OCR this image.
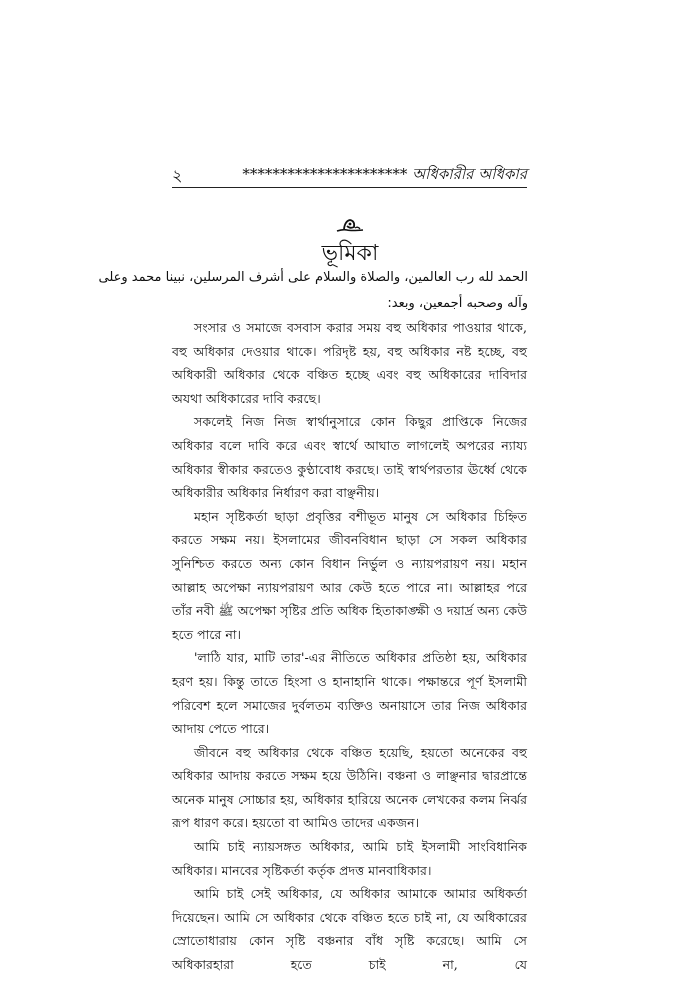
২	********************** অধিকারীর অধিকার
ভূমিকা
الحمد لله رب العالمين، والصلاة والسلام على أشرف المرسلين، نبينا محمد وعلى
وآله وصحبه أجمعين، وبعد:

সংসার ও সমাজে বসবাস করার সময় বহু অধিকার পাওয়ার থাকে, বহু অধিকার দেওয়ার থাকে। পরিদৃষ্ট হয়, বহু অধিকার নষ্ট হচ্ছে, বহু অধিকারী অধিকার থেকে বঞ্চিত হচ্ছে এবং বহু অধিকারের দাবিদার অযথা অধিকারের দাবি করছে।

সকলেই নিজ নিজ স্বার্থানুসারে কোন কিছুর প্রাপ্তিকে নিজের অধিকার বলে দাবি করে এবং স্বার্থে আঘাত লাগলেই অপরের ন্যায্য অধিকার স্বীকার করতেও কুণ্ঠাবোধ করছে। তাই স্বার্থপরতার ঊর্ধ্বে থেকে অধিকারীর অধিকার নির্ধারণ করা বাঞ্ছনীয়।

মহান সৃষ্টিকর্তা ছাড়া প্রবৃত্তির বশীভূত মানুষ সে অধিকার চিহ্নিত করতে সক্ষম নয়। ইসলামের জীবনবিধান ছাড়া সে সকল অধিকার সুনিশ্চিত করতে অন্য কোন বিধান নির্ভুল ও ন্যায়পরায়ণ নয়। মহান আল্লাহ অপেক্ষা ন্যায়পরায়ণ আর কেউ হতে পারে না। আল্লাহর পরে তাঁর নবী ﷺ অপেক্ষা সৃষ্টির প্রতি অধিক হিতাকাঙ্ক্ষী ও দয়ার্দ্র অন্য কেউ হতে পারে না।

'লাঠি যার, মাটি তার'-এর নীতিতে অধিকার প্রতিষ্ঠা হয়, অধিকার হরণ হয়। কিন্তু তাতে হিংসা ও হানাহানি থাকে। পক্ষান্তরে পূর্ণ ইসলামী পরিবেশ হলে সমাজের দুর্বলতম ব্যক্তিও অনায়াসে তার নিজ অধিকার আদায় পেতে পারে।

জীবনে বহু অধিকার থেকে বঞ্চিত হয়েছি, হয়তো অনেকের বহু অধিকার আদায় করতে সক্ষম হয়ে উঠিনি। বঞ্চনা ও লাঞ্ছনার দ্বারপ্রান্তে অনেক মানুষ সোচ্চার হয়, অধিকার হারিয়ে অনেক লেখকের কলম নির্ঝর রূপ ধারণ করে। হয়তো বা আমিও তাদের একজন।

আমি চাই ন্যায়সঙ্গত অধিকার, আমি চাই ইসলামী সাংবিধানিক অধিকার। মানবের সৃষ্টিকর্তা কর্তৃক প্রদত্ত মানবাধিকার।

আমি চাই সেই অধিকার, যে অধিকার আমাকে আমার অধিকর্তা দিয়েছেন। আমি সে অধিকার থেকে বঞ্চিত হতে চাই না, যে অধিকারের স্রোতোধারায় কোন সৃষ্টি বঞ্চনার বাঁধ সৃষ্টি করেছে। আমি সে অধিকারহারা হতে চাই না, যে
